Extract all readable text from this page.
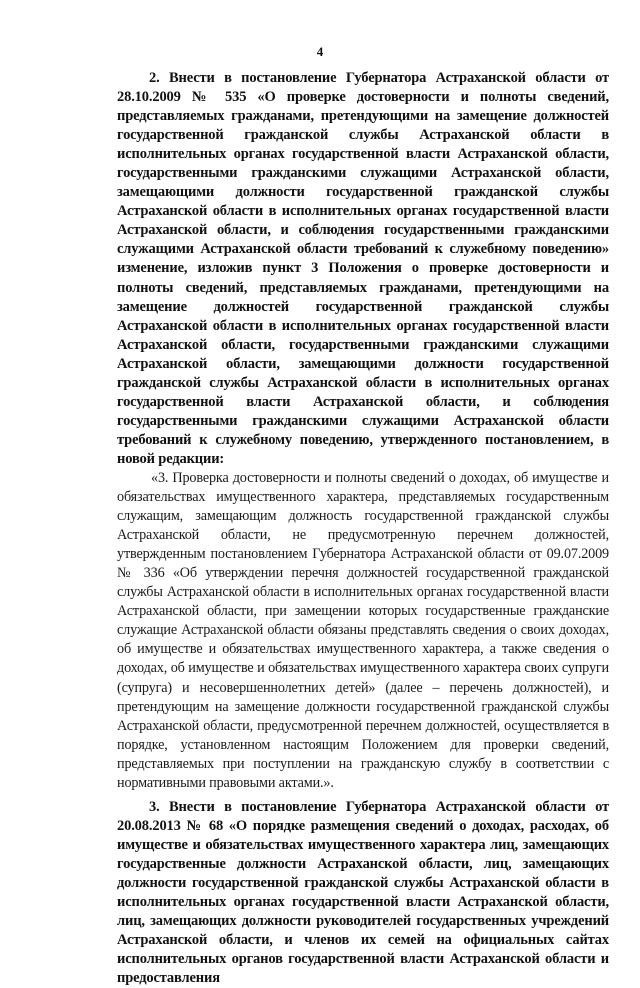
4

2. Внести в постановление Губернатора Астраханской области от 28.10.2009 № 535 «О проверке достоверности и полноты сведений, представляемых гражданами, претендующими на замещение должностей государственной гражданской службы Астраханской области в исполнительных органах государственной власти Астраханской области, государственными гражданскими служащими Астраханской области, замещающими должности государственной гражданской службы Астраханской области в исполнительных органах государственной власти Астраханской области, и соблюдения государственными гражданскими служащими Астраханской области требований к служебному поведению» изменение, изложив пункт 3 Положения о проверке достоверности и полноты сведений, представляемых гражданами, претендующими на замещение должностей государственной гражданской службы Астраханской области в исполнительных органах государственной власти Астраханской области, государственными гражданскими служащими Астраханской области, замещающими должности государственной гражданской службы Астраханской области в исполнительных органах государственной власти Астраханской области, и соблюдения государственными гражданскими служащими Астраханской области требований к служебному поведению, утвержденного постановлением, в новой редакции:

«3. Проверка достоверности и полноты сведений о доходах, об имуществе и обязательствах имущественного характера, представляемых государственным служащим, замещающим должность государственной гражданской службы Астраханской области, не предусмотренную перечнем должностей, утвержденным постановлением Губернатора Астраханской области от 09.07.2009 № 336 «Об утверждении перечня должностей государственной гражданской службы Астраханской области в исполнительных органах государственной власти Астраханской области, при замещении которых государственные гражданские служащие Астраханской области обязаны представлять сведения о своих доходах, об имуществе и обязательствах имущественного характера, а также сведения о доходах, об имуществе и обязательствах имущественного характера своих супруги (супруга) и несовершеннолетних детей» (далее – перечень должностей), и претендующим на замещение должности государственной гражданской службы Астраханской области, предусмотренной перечнем должностей, осуществляется в порядке, установленном настоящим Положением для проверки сведений, представляемых при поступлении на гражданскую службу в соответствии с нормативными правовыми актами.».

3. Внести в постановление Губернатора Астраханской области от 20.08.2013 № 68 «О порядке размещения сведений о доходах, расходах, об имуществе и обязательствах имущественного характера лиц, замещающих государственные должности Астраханской области, лиц, замещающих должности государственной гражданской службы Астраханской области в исполнительных органах государственной власти Астраханской области, лиц, замещающих должности руководителей государственных учреждений Астраханской области, и членов их семей на официальных сайтах исполнительных органов государственной власти Астраханской области и предоставления
